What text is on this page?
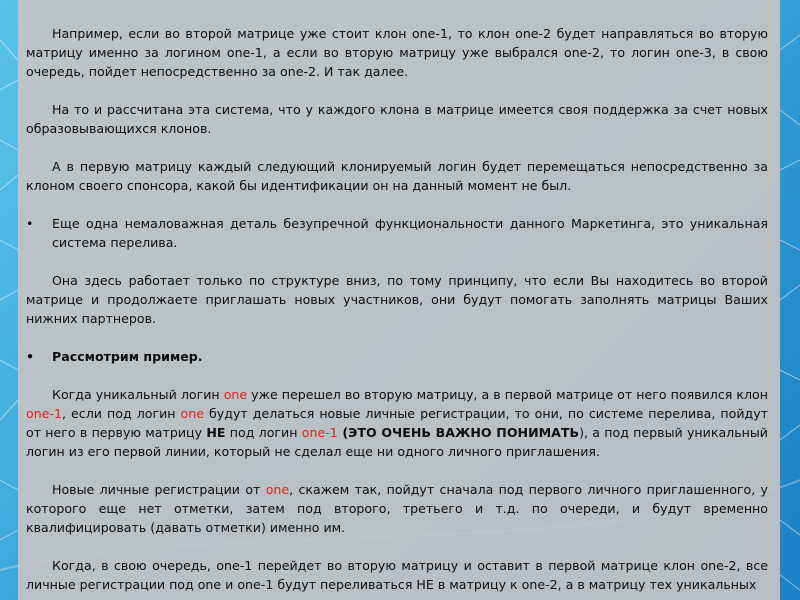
Например, если во второй матрице уже стоит клон one-1, то клон one-2 будет направляться во вторую матрицу именно за логином one-1, а если во вторую матрицу уже выбрался one-2, то логин one-3, в свою очередь, пойдет непосредственно за one-2. И так далее.

На то и рассчитана эта система, что у каждого клона в матрице имеется своя поддержка за счет новых образовывающихся клонов.

А в первую матрицу каждый следующий клонируемый логин будет перемещаться непосредственно за клоном своего спонсора, какой бы идентификации он на данный момент не был.

• Еще одна немаловажная деталь безупречной функциональности данного Маркетинга, это уникальная система перелива.

Она здесь работает только по структуре вниз, по тому принципу, что если Вы находитесь во второй матрице и продолжаете приглашать новых участников, они будут помогать заполнять матрицы Ваших нижних партнеров.

• Рассмотрим пример.

Когда уникальный логин one уже перешел во вторую матрицу, а в первой матрице от него появился клон one-1, если под логин one будут делаться новые личные регистрации, то они, по системе перелива, пойдут от него в первую матрицу НЕ под логин one-1 (ЭТО ОЧЕНЬ ВАЖНО ПОНИМАТЬ), а под первый уникальный логин из его первой линии, который не сделал еще ни одного личного приглашения.

Новые личные регистрации от one, скажем так, пойдут сначала под первого личного приглашенного, у которого еще нет отметки, затем под второго, третьего и т.д. по очереди, и будут временно квалифицировать (давать отметки) именно им.

Когда, в свою очередь, one-1 перейдет во вторую матрицу и оставит в первой матрице клон one-2, все личные регистрации под one и one-1 будут переливаться НЕ в матрицу к one-2, а в матрицу тех уникальных
